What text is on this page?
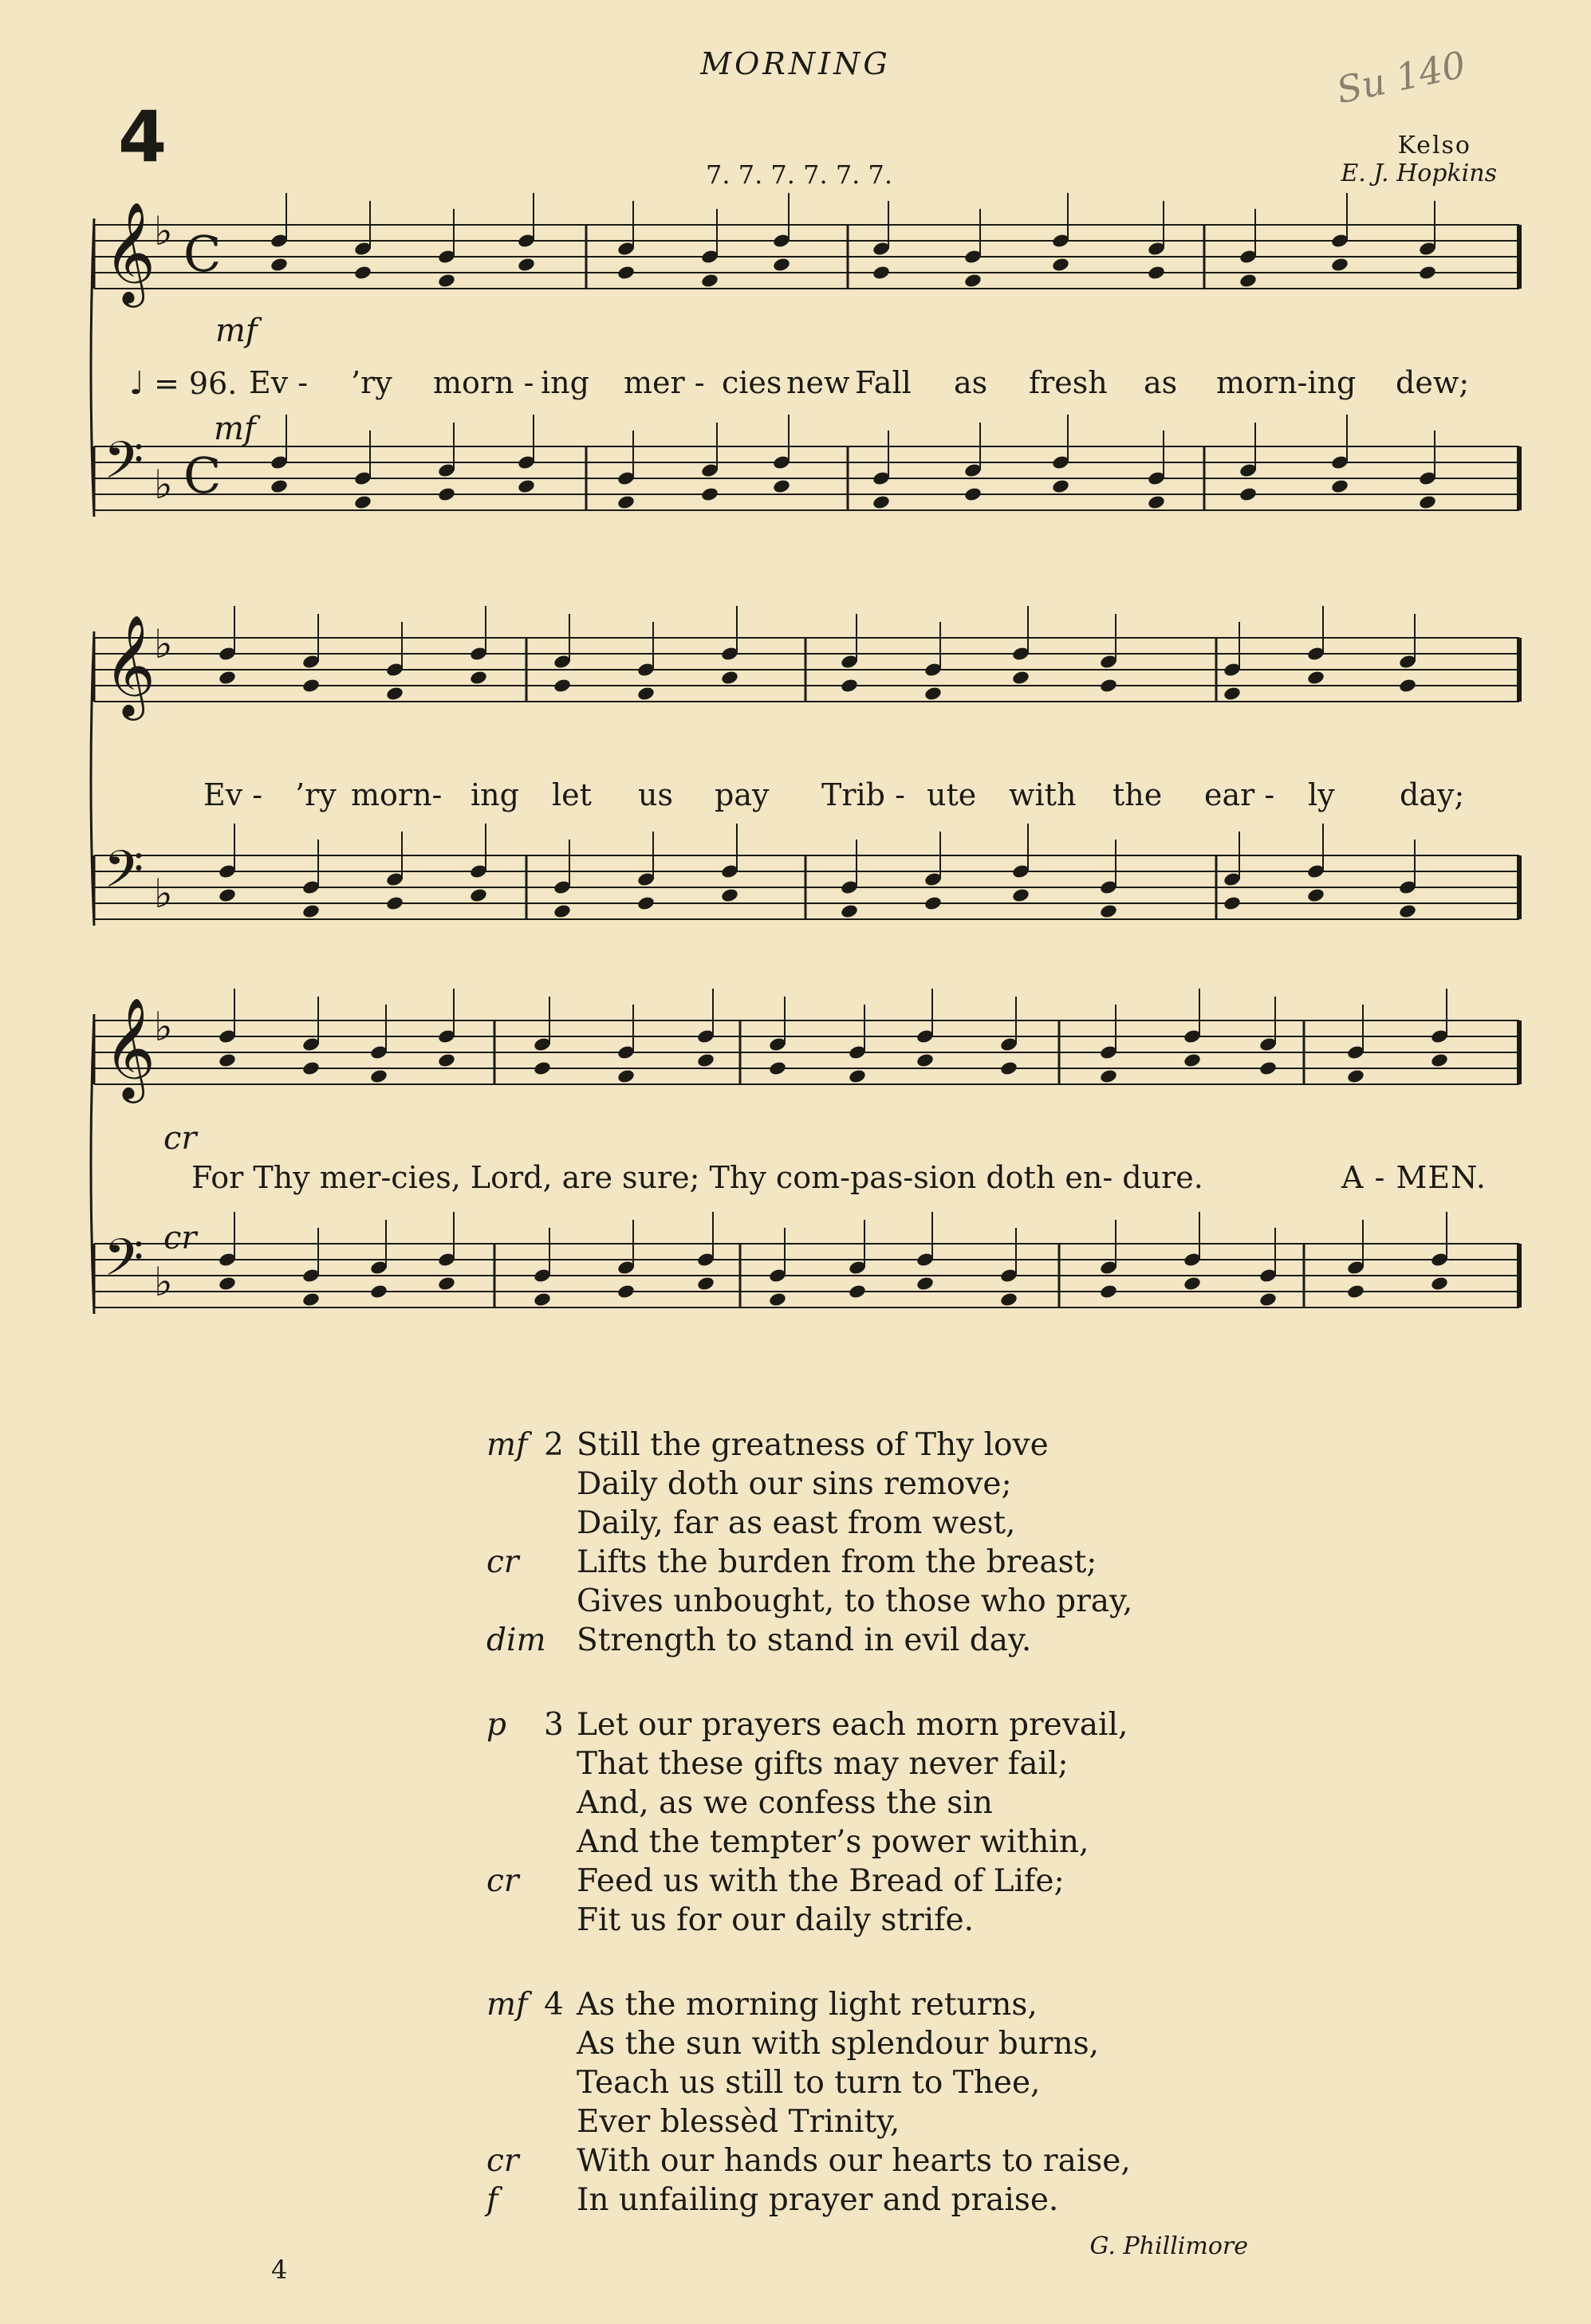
MORNING
4	7. 7. 7. 7. 7. 7.
Kelso
E. J. Hopkins
Su 140
𝄞
♭ C
𝄢 ♭ C
𝄞
♭
𝄢 ♭
𝄞
♭
𝄢 ♭
mf
mf
cr
cr
♩ = 96. Ev - ’ry morn - ing mer - cies new Fall as fresh as morn-ing dew;
Ev - ’ry morn- ing let us pay Trib - ute with the ear - ly day;
For Thy mer-cies, Lord, are sure; Thy com-pas-sion doth en- dure.	A - MEN.
mf 2 Still the greatness of Thy love
Daily doth our sins remove;
Daily, far as east from west,
cr Lifts the burden from the breast;
Gives unbought, to those who pray,
dim Strength to stand in evil day.
p 3 Let our prayers each morn prevail,
That these gifts may never fail;
And, as we confess the sin
And the tempter’s power within,
cr Feed us with the Bread of Life;
Fit us for our daily strife.
mf 4 As the morning light returns,
As the sun with splendour burns,
Teach us still to turn to Thee,
Ever blessèd Trinity,
cr With our hands our hearts to raise,
f	In unfailing prayer and praise.
G. Phillimore
4
